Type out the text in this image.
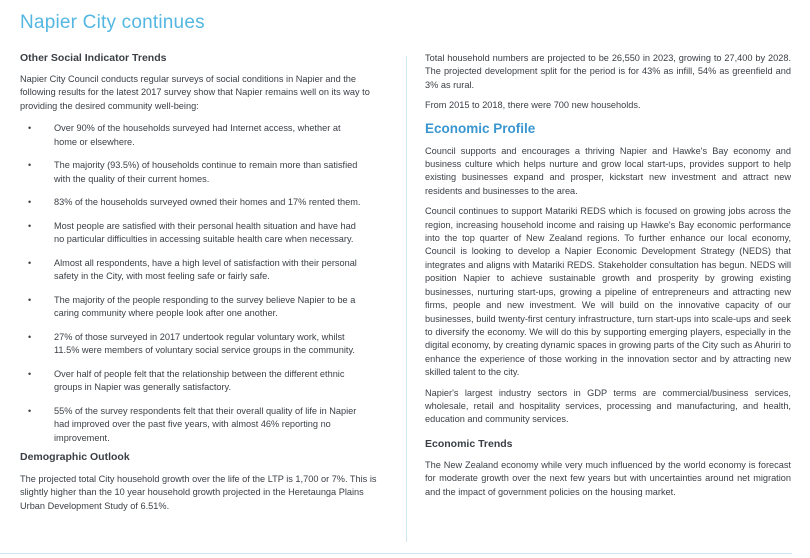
Napier City continues
Other Social Indicator Trends

Napier City Council conducts regular surveys of social conditions in Napier and the following results for the latest 2017 survey show that Napier remains well on its way to providing the desired community well-being:

• Over 90% of the households surveyed had Internet access, whether at home or elsewhere.
• The majority (93.5%) of households continue to remain more than satisfied with the quality of their current homes.
• 83% of the households surveyed owned their homes and 17% rented them.
• Most people are satisfied with their personal health situation and have had no particular difficulties in accessing suitable health care when necessary.
• Almost all respondents, have a high level of satisfaction with their personal safety in the City, with most feeling safe or fairly safe.
• The majority of the people responding to the survey believe Napier to be a caring community where people look after one another.
• 27% of those surveyed in 2017 undertook regular voluntary work, whilst 11.5% were members of voluntary social service groups in the community.
• Over half of people felt that the relationship between the different ethnic groups in Napier was generally satisfactory.
• 55% of the survey respondents felt that their overall quality of life in Napier had improved over the past five years, with almost 46% reporting no improvement.
Demographic Outlook

The projected total City household growth over the life of the LTP is 1,700 or 7%. This is slightly higher than the 10 year household growth projected in the Heretaunga Plains Urban Development Study of 6.51%.

Total household numbers are projected to be 26,550 in 2023, growing to 27,400 by 2028. The projected development split for the period is for 43% as infill, 54% as greenfield and 3% as rural.

From 2015 to 2018, there were 700 new households.

Economic Profile

Council supports and encourages a thriving Napier and Hawke's Bay economy and business culture which helps nurture and grow local start-ups, provides support to help existing businesses expand and prosper, kickstart new investment and attract new residents and businesses to the area.

Council continues to support Matariki REDS which is focused on growing jobs across the region, increasing household income and raising up Hawke's Bay economic performance into the top quarter of New Zealand regions. To further enhance our local economy, Council is looking to develop a Napier Economic Development Strategy (NEDS) that integrates and aligns with Matariki REDS. Stakeholder consultation has begun. NEDS will position Napier to achieve sustainable growth and prosperity by growing existing businesses, nurturing start-ups, growing a pipeline of entrepreneurs and attracting new firms, people and new investment. We will build on the innovative capacity of our businesses, build twenty-first century infrastructure, turn start-ups into scale-ups and seek to diversify the economy. We will do this by supporting emerging players, especially in the digital economy, by creating dynamic spaces in growing parts of the City such as Ahuriri to enhance the experience of those working in the innovation sector and by attracting new skilled talent to the city.

Napier's largest industry sectors in GDP terms are commercial/business services, wholesale, retail and hospitality services, processing and manufacturing, and health, education and community services.

Economic Trends

The New Zealand economy while very much influenced by the world economy is forecast for moderate growth over the next few years but with uncertainties around net migration and the impact of government policies on the housing market.
